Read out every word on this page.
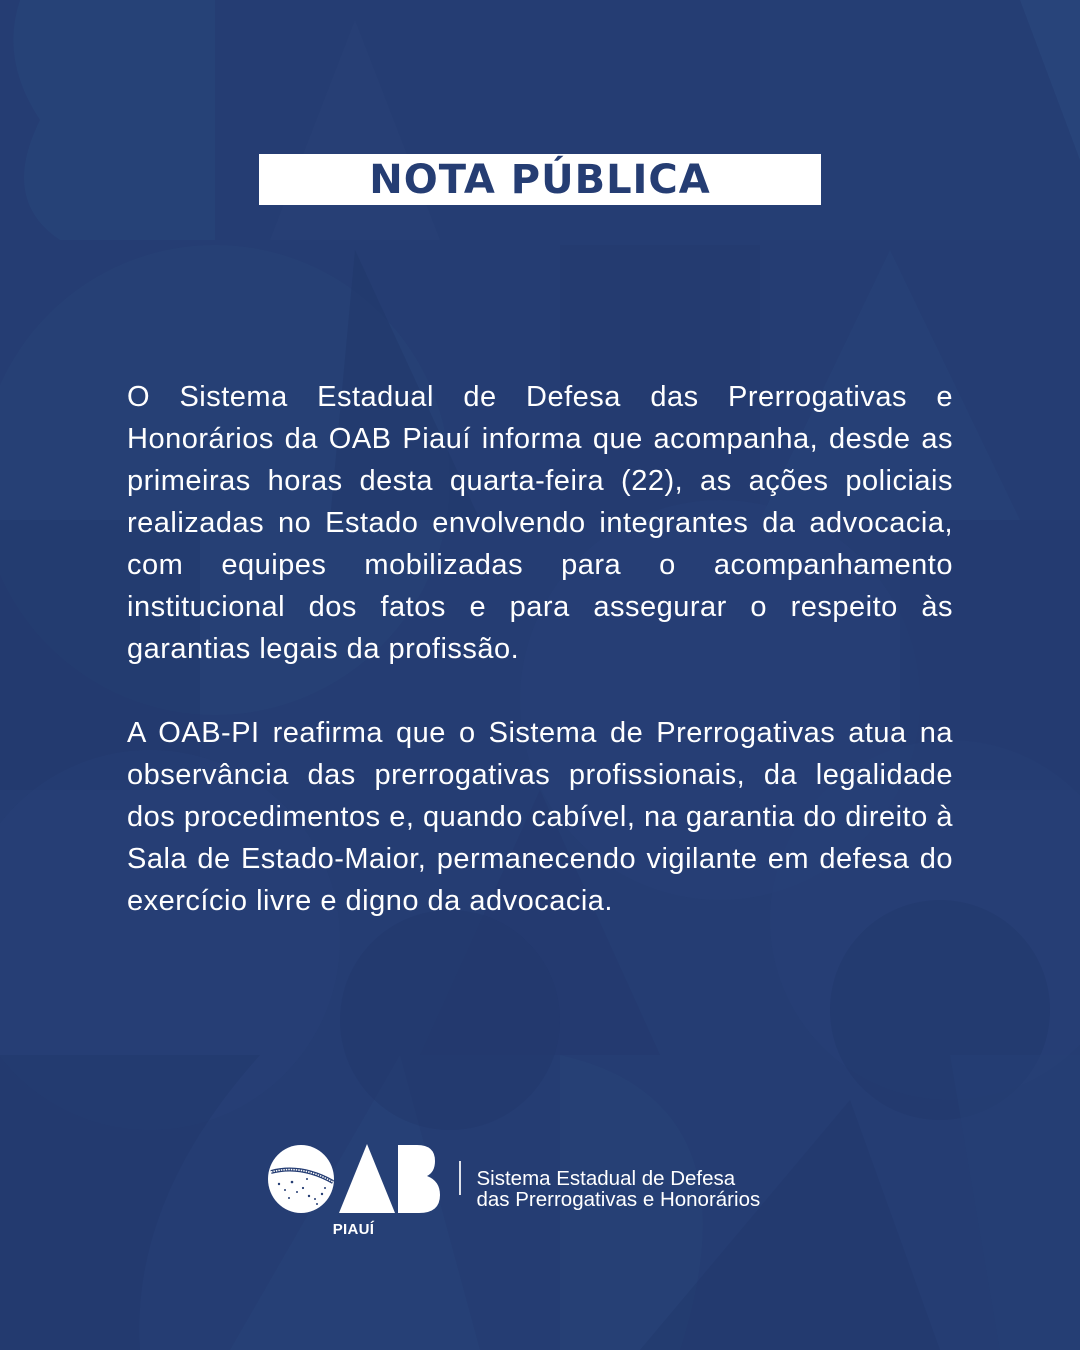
NOTA PÚBLICA

O Sistema Estadual de Defesa das Prerrogativas e Honorários da OAB Piauí informa que acompanha, desde as primeiras horas desta quarta-feira (22), as ações policiais realizadas no Estado envolvendo integrantes da advocacia, com equipes mobilizadas para o acompanhamento institucional dos fatos e para assegurar o respeito às garantias legais da profissão.

A OAB-PI reafirma que o Sistema de Prerrogativas atua na observância das prerrogativas profissionais, da legalidade dos procedimentos e, quando cabível, na garantia do direito à Sala de Estado-Maior, permanecendo vigilante em defesa do exercício livre e digno da advocacia.

PIAUÍ
Sistema Estadual de Defesa
das Prerrogativas e Honorários
